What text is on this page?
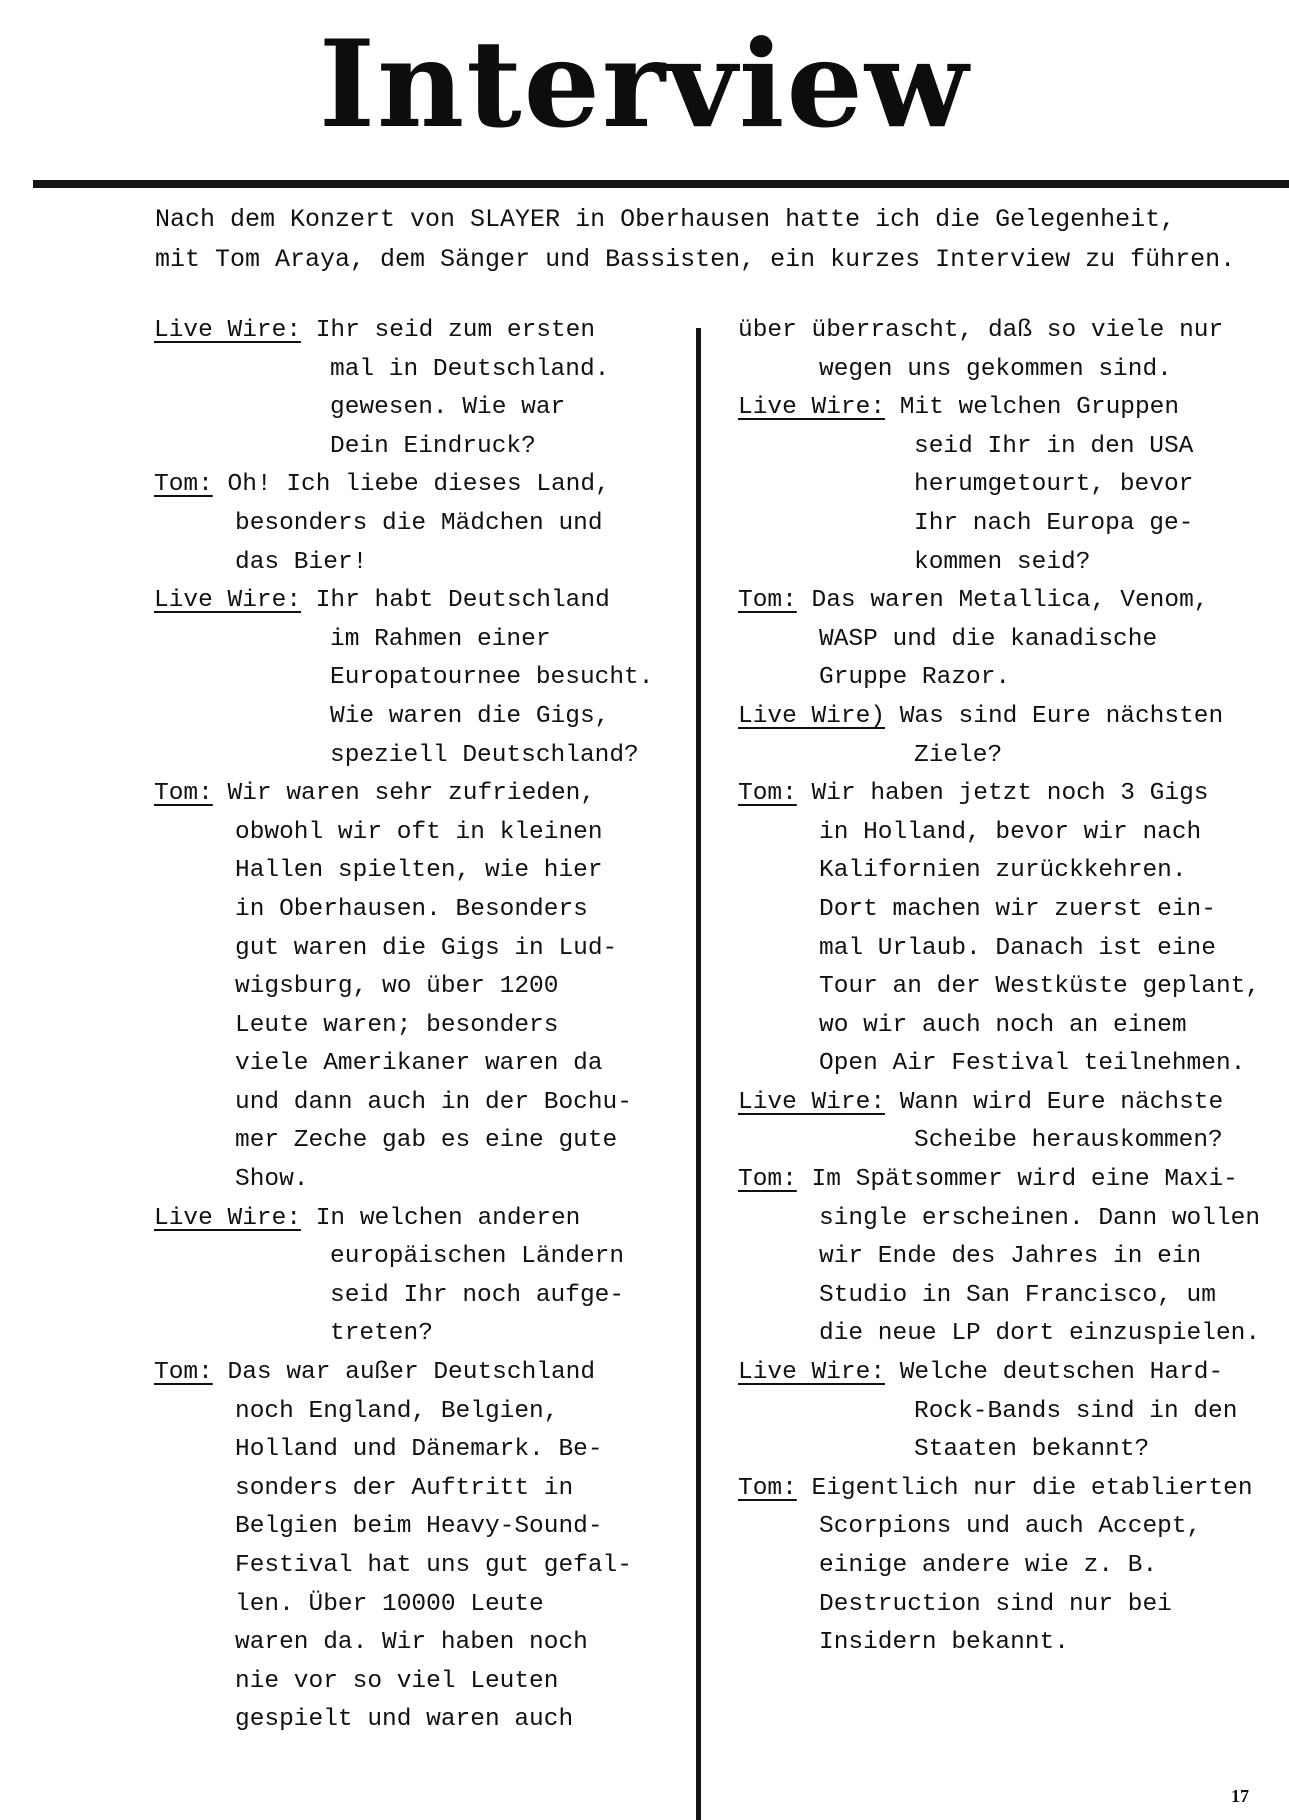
Interview
Nach dem Konzert von SLAYER in Oberhausen hatte ich die Gelegenheit,
mit Tom Araya, dem Sänger und Bassisten, ein kurzes Interview zu führen.
Live Wire: Ihr seid zum ersten
mal in Deutschland.
gewesen. Wie war
Dein Eindruck?
Tom: Oh! Ich liebe dieses Land,
besonders die Mädchen und
das Bier!
Live Wire: Ihr habt Deutschland
im Rahmen einer
Europatournee besucht.
Wie waren die Gigs,
speziell Deutschland?
Tom: Wir waren sehr zufrieden,
obwohl wir oft in kleinen
Hallen spielten, wie hier
in Oberhausen. Besonders
gut waren die Gigs in Lud-
wigsburg, wo über 1200
Leute waren; besonders
viele Amerikaner waren da
und dann auch in der Bochu-
mer Zeche gab es eine gute
Show.
Live Wire: In welchen anderen
europäischen Ländern
seid Ihr noch aufge-
treten?
Tom: Das war außer Deutschland
noch England, Belgien,
Holland und Dänemark. Be-
sonders der Auftritt in
Belgien beim Heavy-Sound-
Festival hat uns gut gefal-
len. Über 10000 Leute
waren da. Wir haben noch
nie vor so viel Leuten
gespielt und waren auch
über überrascht, daß so viele nur
wegen uns gekommen sind.
Live Wire: Mit welchen Gruppen
seid Ihr in den USA
herumgetourt, bevor
Ihr nach Europa ge-
kommen seid?
Tom: Das waren Metallica, Venom,
WASP und die kanadische
Gruppe Razor.
Live Wire) Was sind Eure nächsten
Ziele?
Tom: Wir haben jetzt noch 3 Gigs
in Holland, bevor wir nach
Kalifornien zurückkehren.
Dort machen wir zuerst ein-
mal Urlaub. Danach ist eine
Tour an der Westküste geplant,
wo wir auch noch an einem
Open Air Festival teilnehmen.
Live Wire: Wann wird Eure nächste
Scheibe herauskommen?
Tom: Im Spätsommer wird eine Maxi-
single erscheinen. Dann wollen
wir Ende des Jahres in ein
Studio in San Francisco, um
die neue LP dort einzuspielen.
Live Wire: Welche deutschen Hard-
Rock-Bands sind in den
Staaten bekannt?
Tom: Eigentlich nur die etablierten
Scorpions und auch Accept,
einige andere wie z. B.
Destruction sind nur bei
Insidern bekannt.
17
